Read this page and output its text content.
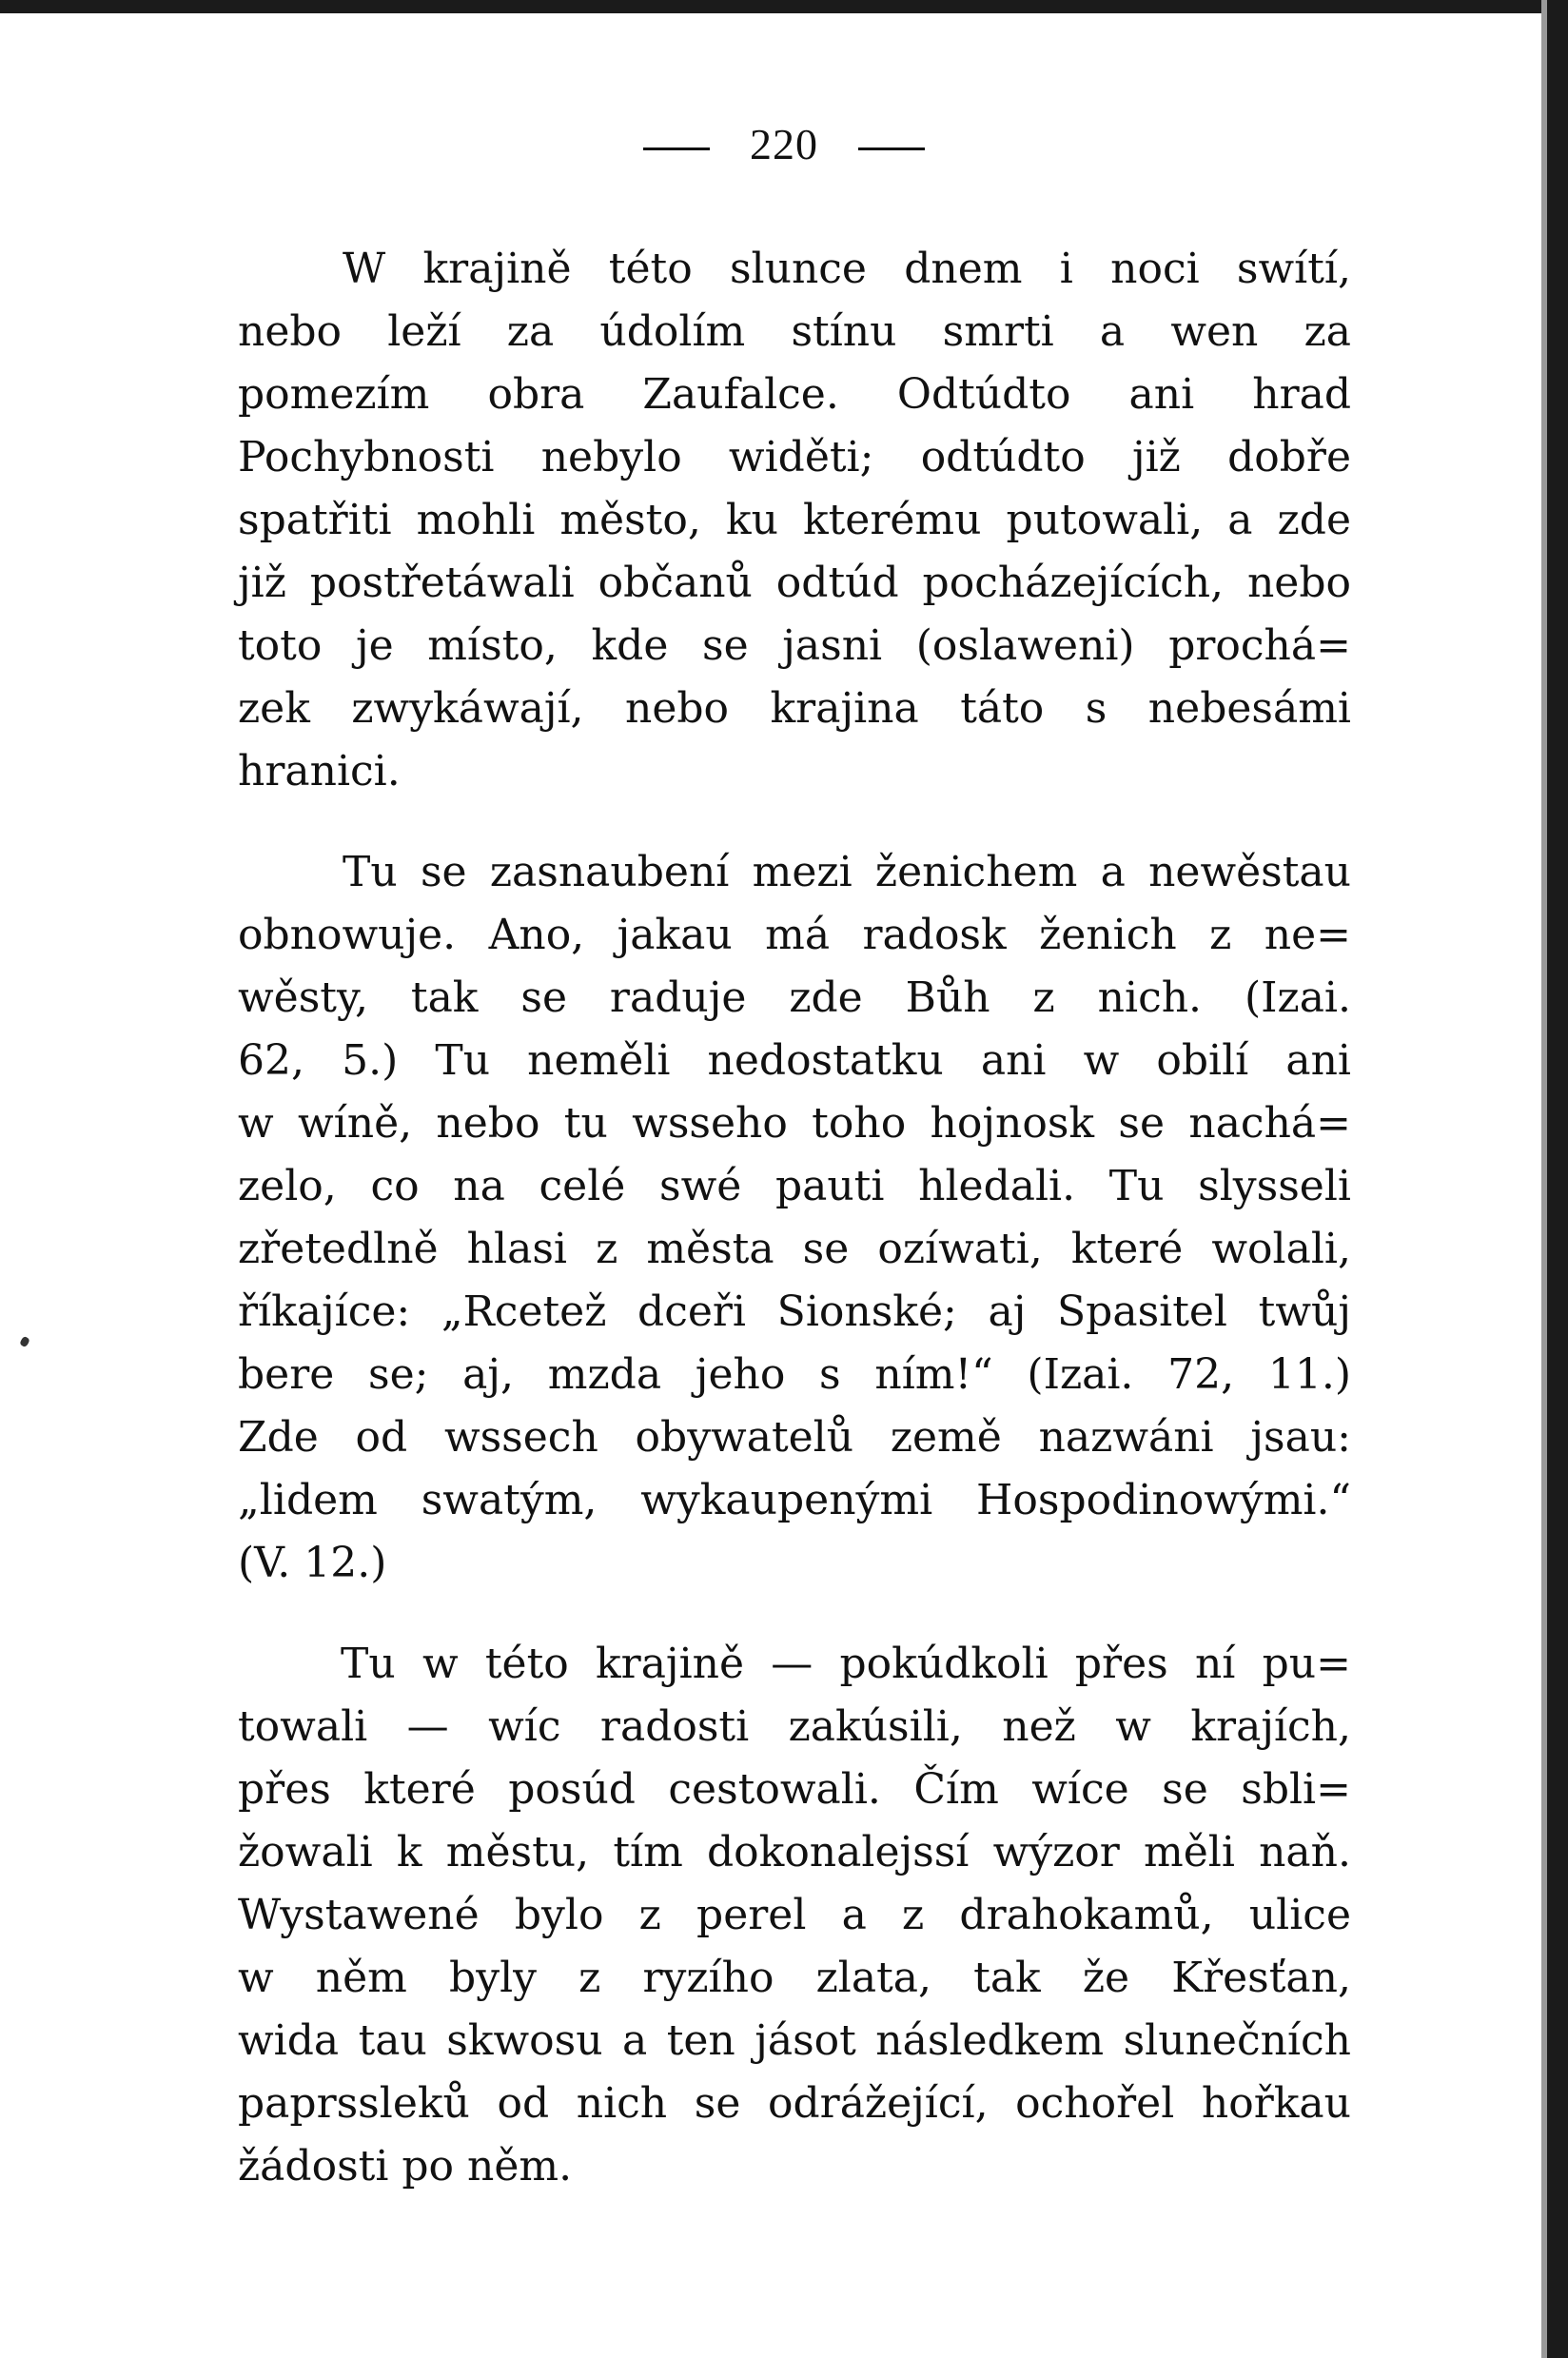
220
W krajině této slunce dnem i noci swítí,
nebo leží za údolím stínu smrti a wen za
pomezím obra Zaufalce. Odtúdto ani hrad
Pochybnosti nebylo widěti; odtúdto již dobře
spatřiti mohli město, ku kterému putowali, a zde
již postřetáwali občanů odtúd pocházejících, nebo
toto je místo, kde se jasni (oslaweni) prochá=
zek zwykáwají, nebo krajina táto s nebesámi
hranici.
Tu se zasnaubení mezi ženichem a newěstau
obnowuje. Ano, jakau má radosk ženich z ne=
wěsty, tak se raduje zde Bůh z nich. (Izai.
62, 5.) Tu neměli nedostatku ani w obilí ani
w wíně, nebo tu wsseho toho hojnosk se nachá=
zelo, co na celé swé pauti hledali. Tu slysseli
zřetedlně hlasi z města se ozíwati, které wolali,
říkajíce: „Rcetež dceři Sionské; aj Spasitel twůj
bere se; aj, mzda jeho s ním!“ (Izai. 72, 11.)
Zde od wssech obywatelů země nazwáni jsau:
„lidem swatým, wykaupenými Hospodinowými.“
(V. 12.)
Tu w této krajině — pokúdkoli přes ní pu=
towali — wíc radosti zakúsili, než w krajích,
přes které posúd cestowali. Čím wíce se sbli=
žowali k městu, tím dokonalejssí wýzor měli naň.
Wystawené bylo z perel a z drahokamů, ulice
w něm byly z ryzího zlata, tak že Křesťan,
wida tau skwosu a ten jásot následkem slunečních
paprssleků od nich se odrážející, ochořel hořkau
žádosti po něm.
